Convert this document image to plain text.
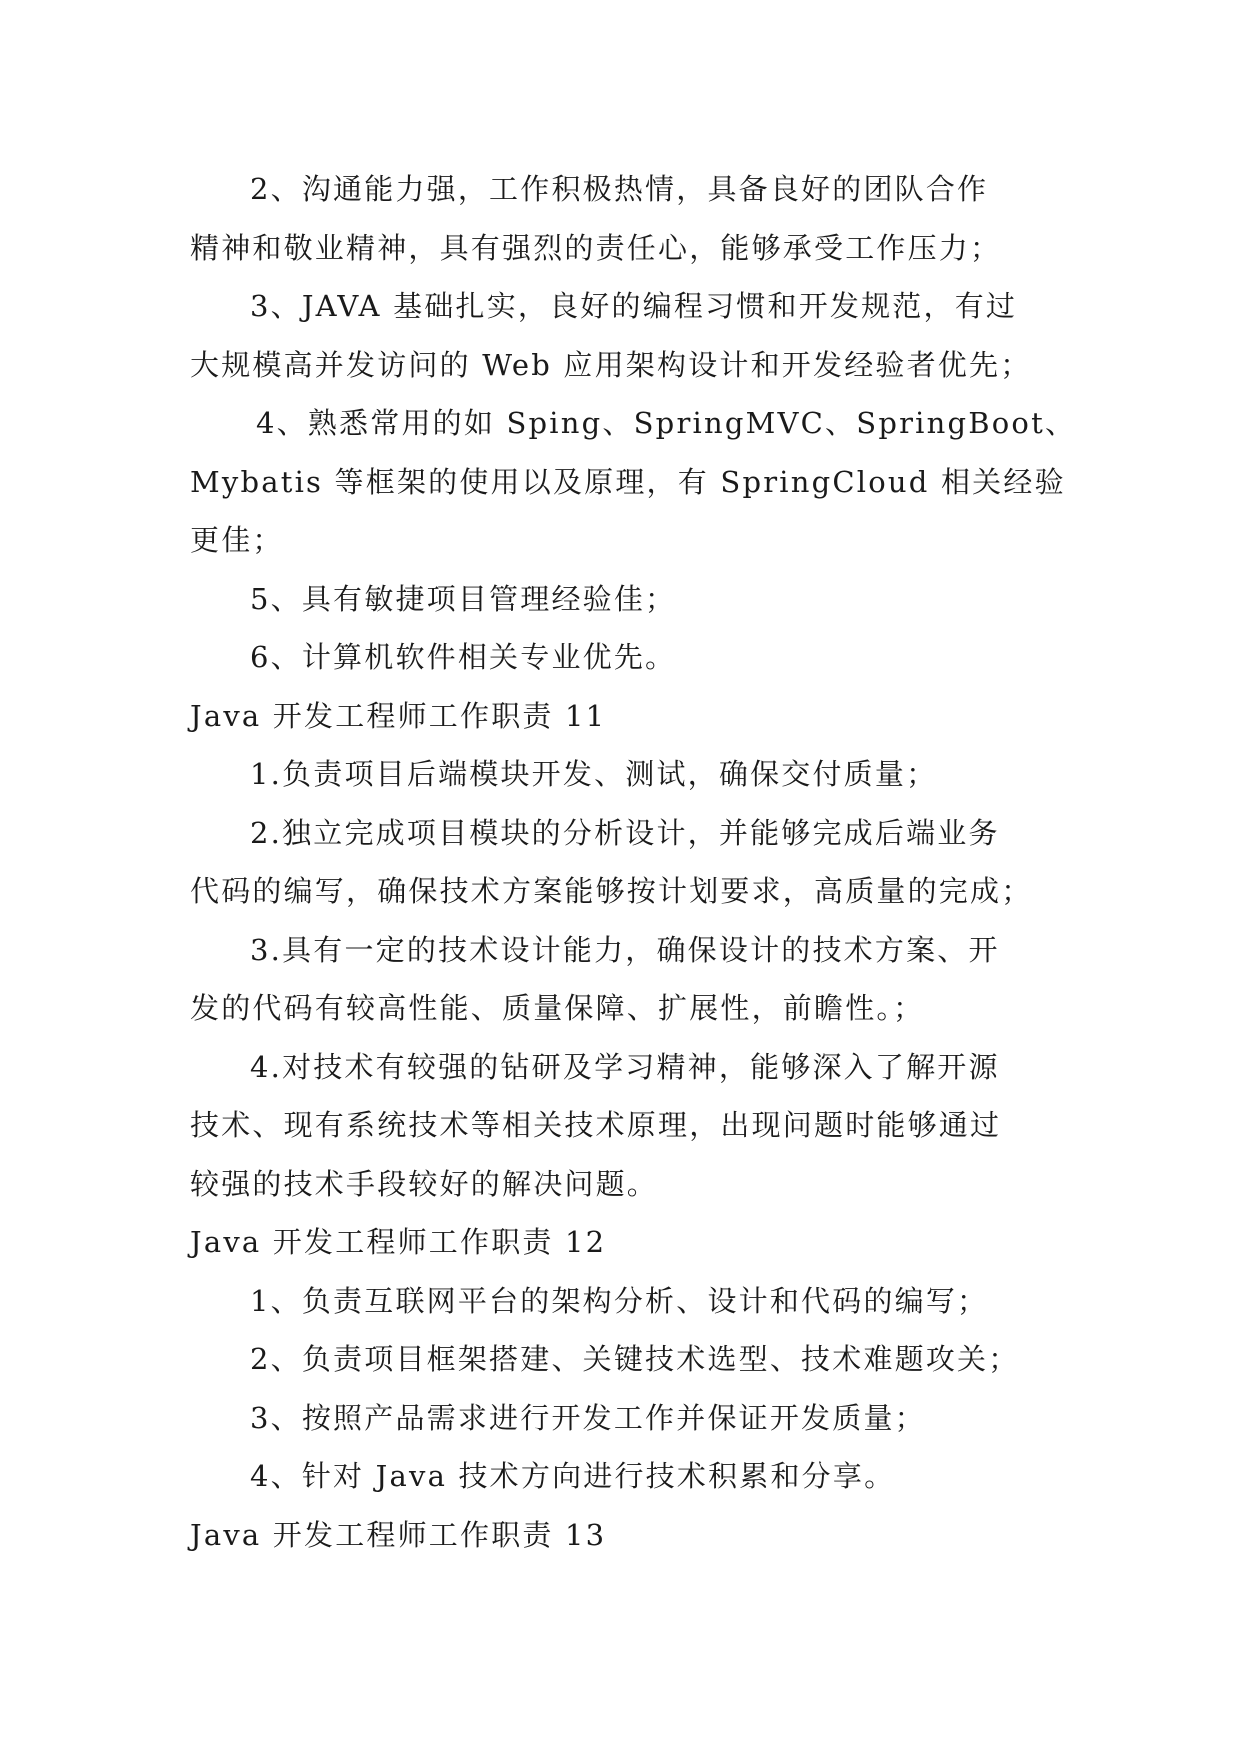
2、沟通能力强，工作积极热情，具备良好的团队合作
精神和敬业精神，具有强烈的责任心，能够承受工作压力；
3、JAVA 基础扎实，良好的编程习惯和开发规范，有过
大规模高并发访问的 Web 应用架构设计和开发经验者优先；
4、熟悉常用的如 Sping、SpringMVC、SpringBoot、
Mybatis 等框架的使用以及原理，有 SpringCloud 相关经验
更佳；
5、具有敏捷项目管理经验佳；
6、计算机软件相关专业优先。
Java 开发工程师工作职责 11
1.负责项目后端模块开发、测试，确保交付质量；
2.独立完成项目模块的分析设计，并能够完成后端业务
代码的编写，确保技术方案能够按计划要求，高质量的完成；
3.具有一定的技术设计能力，确保设计的技术方案、开
发的代码有较高性能、质量保障、扩展性，前瞻性。；
4.对技术有较强的钻研及学习精神，能够深入了解开源
技术、现有系统技术等相关技术原理，出现问题时能够通过
较强的技术手段较好的解决问题。
Java 开发工程师工作职责 12
1、负责互联网平台的架构分析、设计和代码的编写；
2、负责项目框架搭建、关键技术选型、技术难题攻关；
3、按照产品需求进行开发工作并保证开发质量；
4、针对 Java 技术方向进行技术积累和分享。
Java 开发工程师工作职责 13
